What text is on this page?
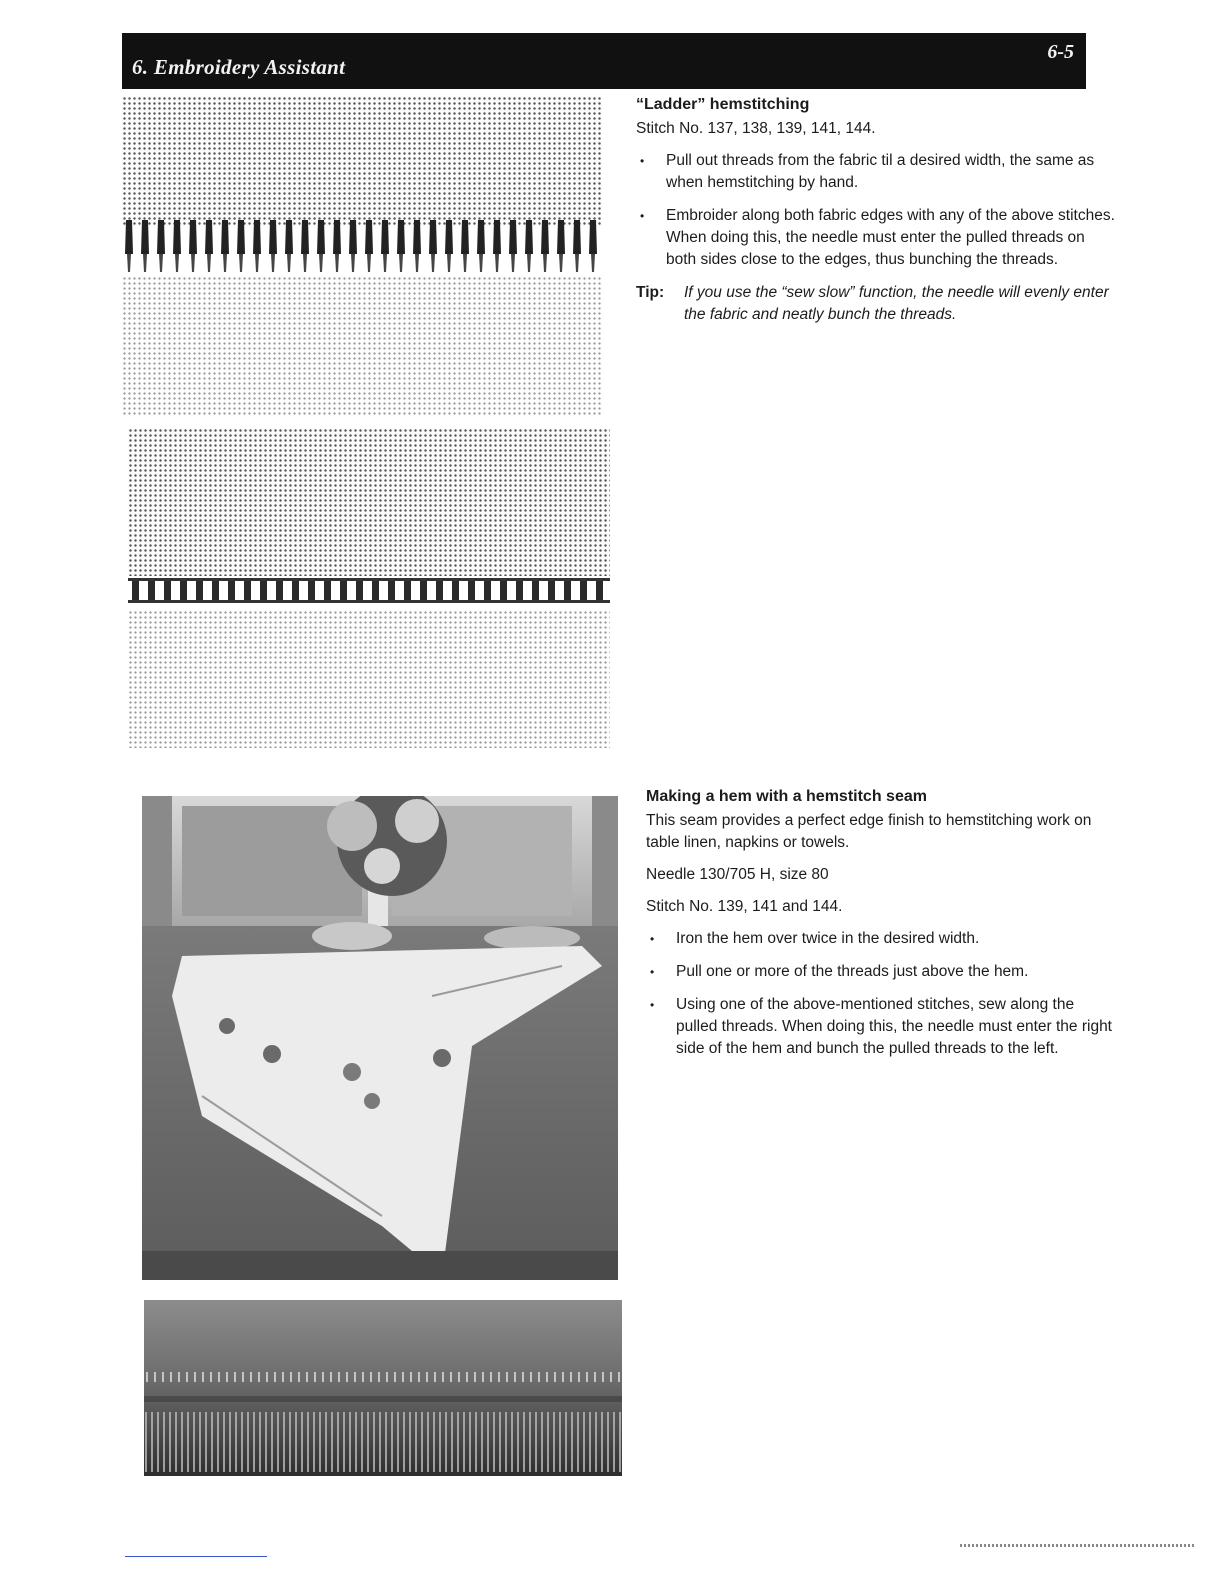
6. Embroidery Assistant
6-5

“Ladder” hemstitching

Stitch No. 137, 138, 139, 141, 144.

• Pull out threads from the fabric til a desired width, the same as when hemstitching by hand.
• Embroider along both fabric edges with any of the above stitches. When doing this, the needle must enter the pulled threads on both sides close to the edges, thus bunching the threads.
Tip: If you use the “sew slow” function, the needle will evenly enter the fabric and neatly bunch the threads.

Making a hem with a hemstitch seam

This seam provides a perfect edge finish to hemstitching work on table linen, napkins or towels.

Needle 130/705 H, size 80

Stitch No. 139, 141 and 144.

• Iron the hem over twice in the desired width.
• Pull one or more of the threads just above the hem.
• Using one of the above-mentioned stitches, sew along the pulled threads. When doing this, the needle must enter the right side of the hem and bunch the pulled threads to the left.
